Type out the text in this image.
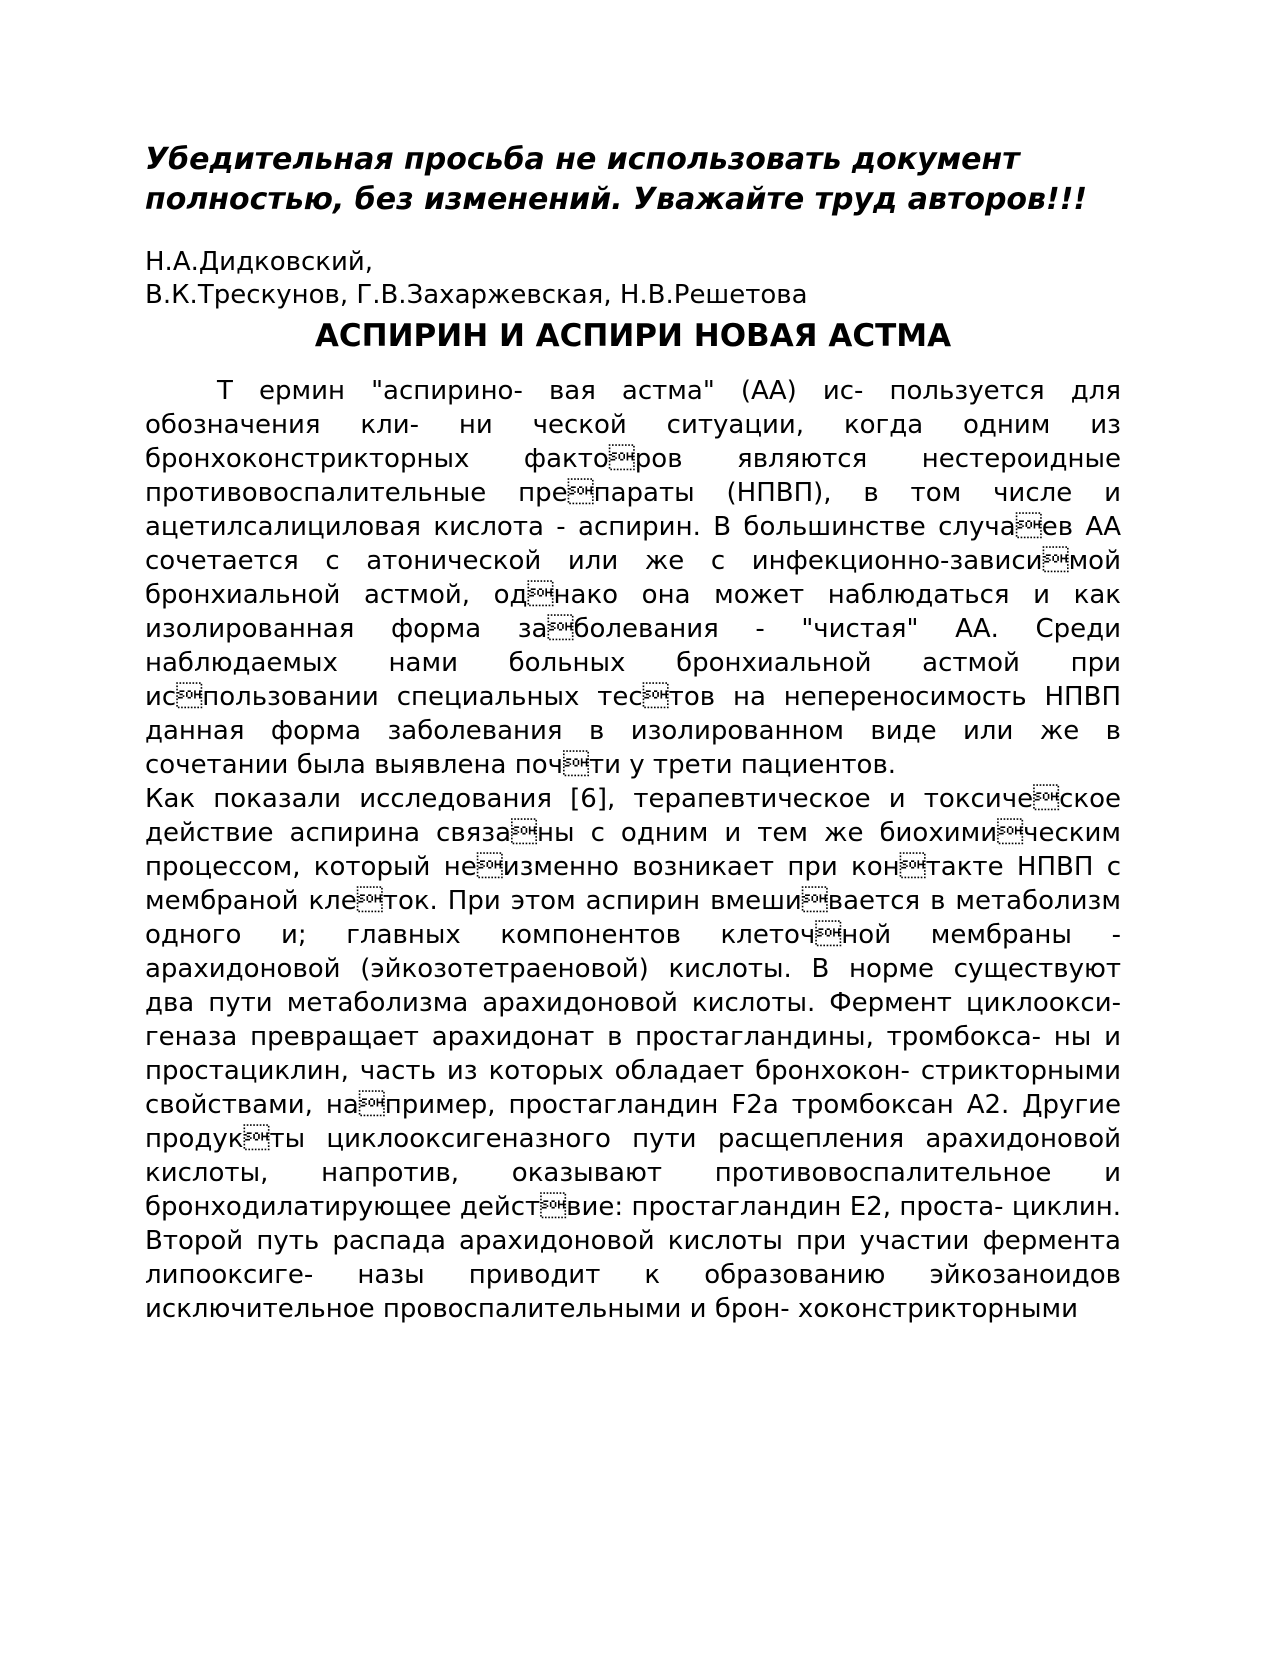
Убедительная просьба не использовать документ полностью, без изменений. Уважайте труд авторов!!!

Н.А.Дидковский,
В.К.Трескунов, Г.В.Захаржевская, Н.В.Решетова
АСПИРИН И АСПИРИ НОВАЯ АСТМА

Т ермин "аспирино- вая астма" (АА) ис- пользуется для обозначения кли- ни ческой ситуации, когда одним из бронхоконстрикторных факторов являются нестероидные противовоспалительные препараты (НПВП), в том числе и ацетилсалициловая кислота - аспирин. В большинстве случаев АА сочетается с атонической или же с инфекционно-зависимой бронхиальной астмой, однако она может наблюдаться и как изолированная форма заболевания - "чистая" АА. Среди наблюдаемых нами больных бронхиальной астмой при использовании специальных тестов на непереносимость НПВП данная форма заболевания в изолированном виде или же в сочетании была выявлена почти у трети пациентов.

Как показали исследования [6], терапевтическое и токсическое действие аспирина связаны с одним и тем же биохимическим процессом, который неизменно возникает при контакте НПВП с мембраной клеток. При этом аспирин вмешивается в метаболизм одного и; главных компонентов клеточной мембраны - арахидоновой (эйкозотетраеновой) кислоты. В норме существуют два пути метаболизма арахидоновой кислоты. Фермент циклоокси- геназа превращает арахидонат в простагландины, тромбокса- ны и простациклин, часть из которых обладает бронхокон- стрикторными свойствами, например, простагландин F2a тромбоксан А2. Другие продукты циклооксигеназного пути расщепления арахидоновой кислоты, напротив, оказывают противовоспалительное и бронходилатирующее действие: простагландин Е2, проста- циклин. Второй путь распада арахидоновой кислоты при участии фермента липооксиге- назы приводит к образованию эйкозаноидов исключительное провоспалительными и брон- хоконстрикторными
